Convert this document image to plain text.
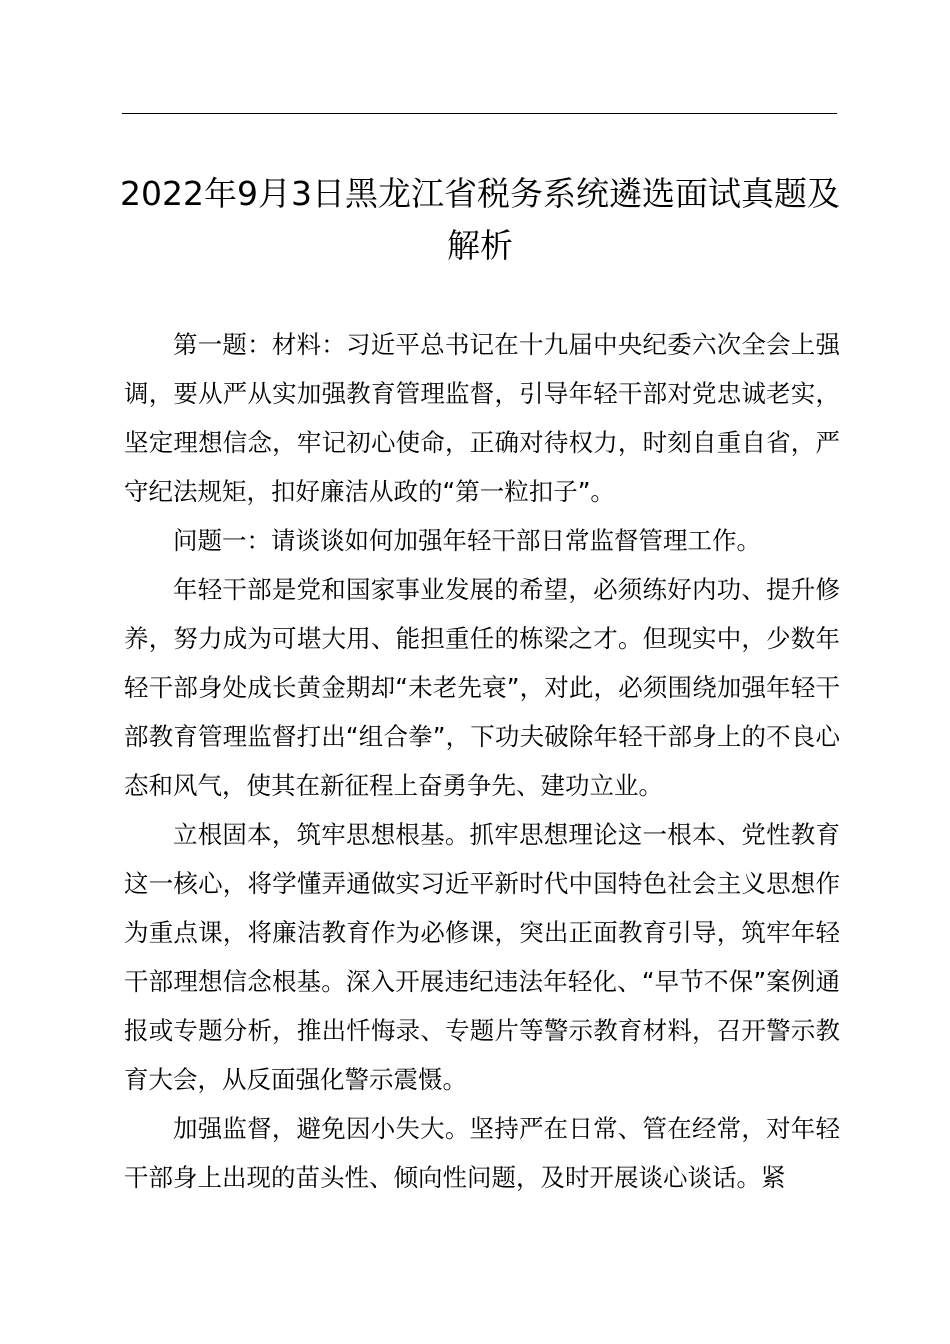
2022年9月3日黑龙江省税务系统遴选面试真题及解析

第一题：材料：习近平总书记在十九届中央纪委六次全会上强调，要从严从实加强教育管理监督，引导年轻干部对党忠诚老实，坚定理想信念，牢记初心使命，正确对待权力，时刻自重自省，严守纪法规矩，扣好廉洁从政的“第一粒扣子”。

问题一：请谈谈如何加强年轻干部日常监督管理工作。

年轻干部是党和国家事业发展的希望，必须练好内功、提升修养，努力成为可堪大用、能担重任的栋梁之才。但现实中，少数年轻干部身处成长黄金期却“未老先衰”，对此，必须围绕加强年轻干部教育管理监督打出“组合拳”，下功夫破除年轻干部身上的不良心态和风气，使其在新征程上奋勇争先、建功立业。

立根固本，筑牢思想根基。抓牢思想理论这一根本、党性教育这一核心，将学懂弄通做实习近平新时代中国特色社会主义思想作为重点课，将廉洁教育作为必修课，突出正面教育引导，筑牢年轻干部理想信念根基。深入开展违纪违法年轻化、“早节不保”案例通报或专题分析，推出忏悔录、专题片等警示教育材料，召开警示教育大会，从反面强化警示震慑。

加强监督，避免因小失大。坚持严在日常、管在经常，对年轻干部身上出现的苗头性、倾向性问题，及时开展谈心谈话。紧
